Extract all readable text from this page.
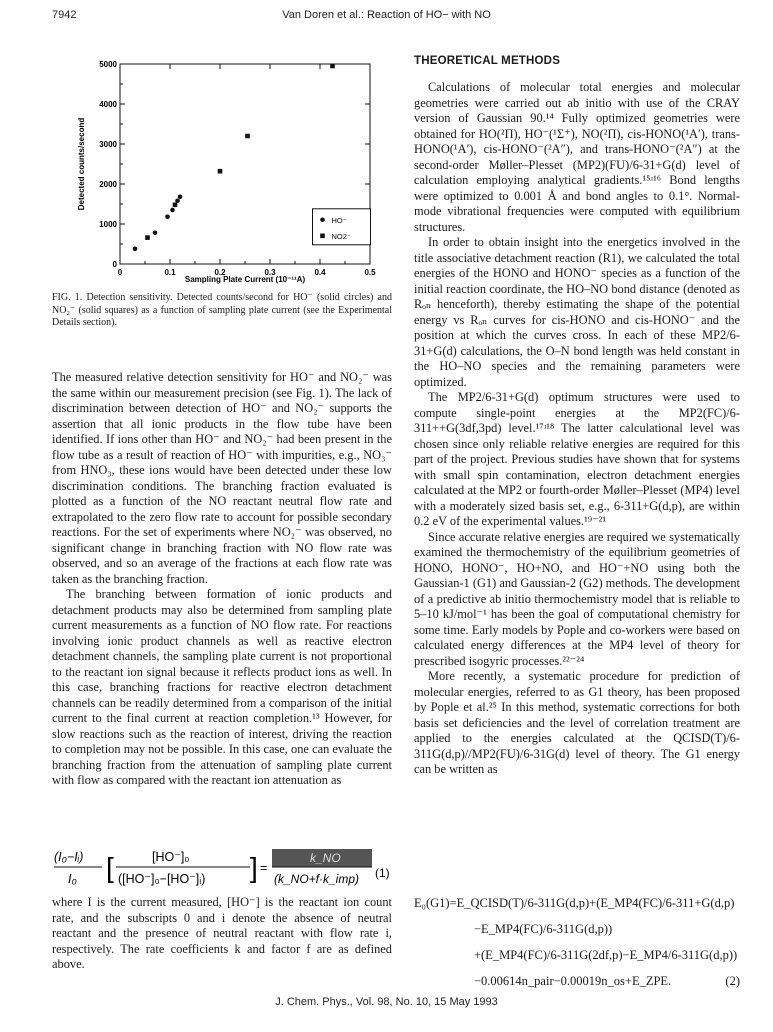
7942	Van Doren et al.: Reaction of HO− with NO
0	0.1	0.2	0.3	0.4	0.5
0
1000
2000
3000
4000
5000
Sampling Plate Current (10⁻¹¹A)
Detected counts/second
HO⁻
NO2⁻
FIG. 1. Detection sensitivity. Detected counts/second for HO⁻ (solid circles) and NO₂⁻ (solid squares) as a function of sampling plate current (see the Experimental Details section).

The measured relative detection sensitivity for HO⁻ and NO₂⁻ was the same within our measurement precision (see Fig. 1). The lack of discrimination between detection of HO⁻ and NO₂⁻ supports the assertion that all ionic products in the flow tube have been identified. If ions other than HO⁻ and NO₂⁻ had been present in the flow tube as a result of reaction of HO⁻ with impurities, e.g., NO₃⁻ from HNO₃, these ions would have been detected under these low discrimination conditions. The branching fraction evaluated is plotted as a function of the NO reactant neutral flow rate and extrapolated to the zero flow rate to account for possible secondary reactions. For the set of experiments where NO₂⁻ was observed, no significant change in branching fraction with NO flow rate was observed, and so an average of the fractions at each flow rate was taken as the branching fraction.

The branching between formation of ionic products and detachment products may also be determined from sampling plate current measurements as a function of NO flow rate. For reactions involving ionic product channels as well as reactive electron detachment channels, the sampling plate current is not proportional to the reactant ion signal because it reflects product ions as well. In this case, branching fractions for reactive electron detachment channels can be readily determined from a comparison of the initial current to the final current at reaction completion.¹³ However, for slow reactions such as the reaction of interest, driving the reaction to completion may not be possible. In this case, one can evaluate the branching fraction from the attenuation of sampling plate current with flow as compared with the reactant ion attenuation as

(I₀−Iᵢ)
I₀ [	[HO⁻]₀
([HO⁻]₀−[HO⁻]ᵢ) ] =
k_NO
(k_NO+f·k_imp) (1)

where I is the current measured, [HO⁻] is the reactant ion count rate, and the subscripts 0 and i denote the absence of neutral reactant and the presence of neutral reactant with flow rate i, respectively. The rate coefficients k and factor f are as defined above.

THEORETICAL METHODS

Calculations of molecular total energies and molecular geometries were carried out ab initio with use of the CRAY version of Gaussian 90.¹⁴ Fully optimized geometries were obtained for HO(²Π), HO⁻(¹Σ⁺), NO(²Π), cis-HONO(¹A′), trans-HONO(¹A′), cis-HONO⁻(²A″), and trans-HONO⁻(²A″) at the second-order Møller–Plesset (MP2)(FU)/6-31+G(d) level of calculation employing analytical gradients.¹⁵ʴ¹⁶ Bond lengths were optimized to 0.001 Å and bond angles to 0.1°. Normal-mode vibrational frequencies were computed with equilibrium structures.

In order to obtain insight into the energetics involved in the title associative detachment reaction (R1), we calculated the total energies of the HONO and HONO⁻ species as a function of the initial reaction coordinate, the HO–NO bond distance (denoted as Rₒₙ henceforth), thereby estimating the shape of the potential energy vs Rₒₙ curves for cis-HONO and cis-HONO⁻ and the position at which the curves cross. In each of these MP2/6-31+G(d) calculations, the O–N bond length was held constant in the HO–NO species and the remaining parameters were optimized.

The MP2/6-31+G(d) optimum structures were used to compute single-point energies at the MP2(FC)/6-311++G(3df,3pd) level.¹⁷ʴ¹⁸ The latter calculational level was chosen since only reliable relative energies are required for this part of the project. Previous studies have shown that for systems with small spin contamination, electron detachment energies calculated at the MP2 or fourth-order Møller–Plesset (MP4) level with a moderately sized basis set, e.g., 6-311+G(d,p), are within 0.2 eV of the experimental values.¹⁹⁻²¹

Since accurate relative energies are required we systematically examined the thermochemistry of the equilibrium geometries of HONO, HONO⁻, HO+NO, and HO⁻+NO using both the Gaussian-1 (G1) and Gaussian-2 (G2) methods. The development of a predictive ab initio thermochemistry model that is reliable to 5–10 kJ/mol⁻¹ has been the goal of computational chemistry for some time. Early models by Pople and co-workers were based on calculated energy differences at the MP4 level of theory for prescribed isogyric processes.²²⁻²⁴

More recently, a systematic procedure for prediction of molecular energies, referred to as G1 theory, has been proposed by Pople et al.²⁵ In this method, systematic corrections for both basis set deficiencies and the level of correlation treatment are applied to the energies calculated at the QCISD(T)/6-311G(d,p)//MP2(FU)/6-31G(d) level of theory. The G1 energy can be written as

E₀(G1)=E_QCISD(T)/6-311G(d,p)+(E_MP4(FC)/6-311+G(d,p)
−E_MP4(FC)/6-311G(d,p))
+(E_MP4(FC)/6-311G(2df,p)−E_MP4/6-311G(d,p))
−0.00614n_pair−0.00019n_os+E_ZPE.	(2)
J. Chem. Phys., Vol. 98, No. 10, 15 May 1993
